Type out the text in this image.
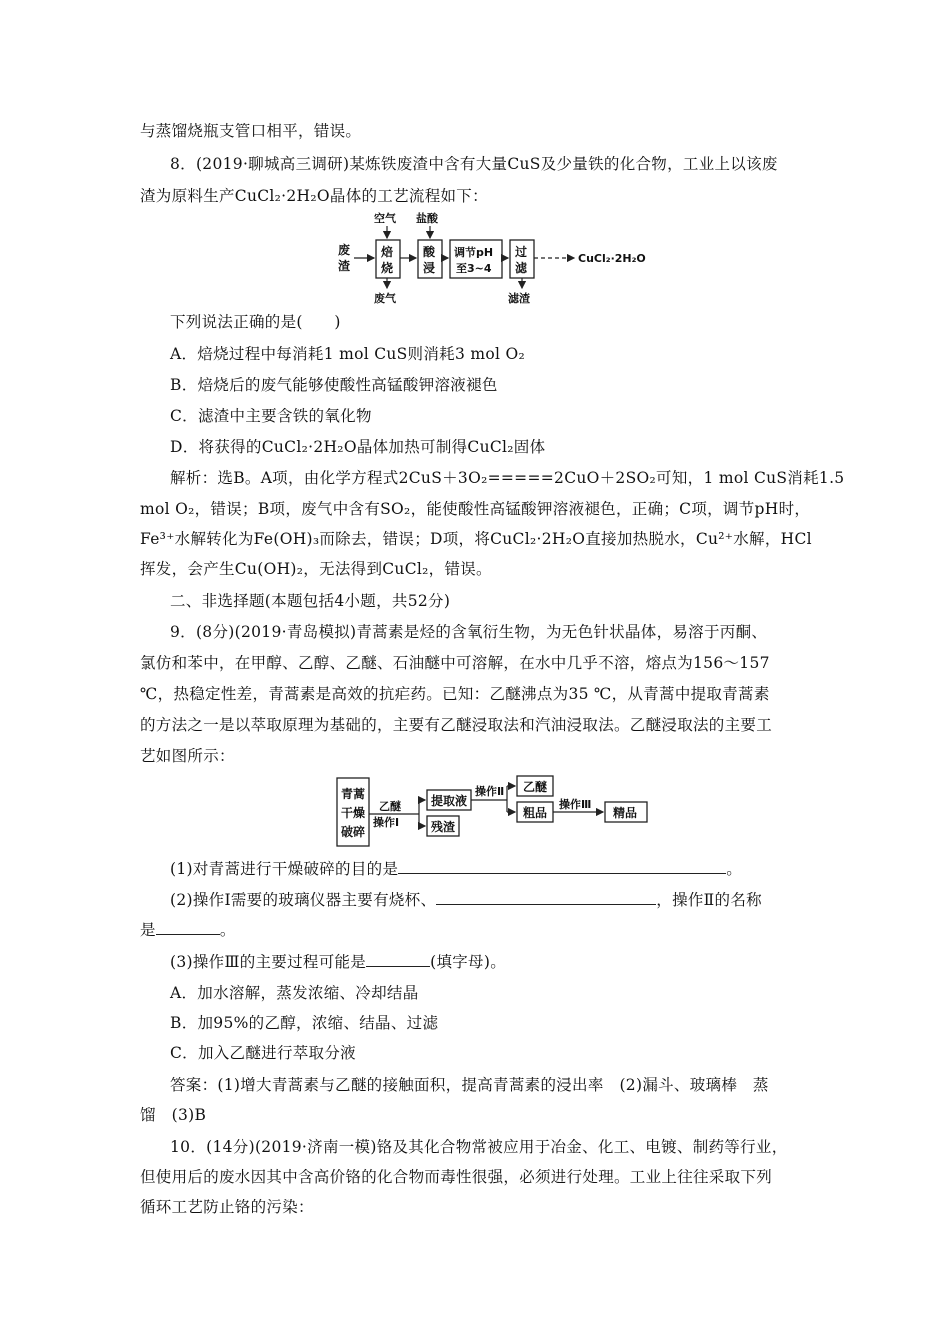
与蒸馏烧瓶支管口相平，错误。
8．(2019·聊城高三调研)某炼铁废渣中含有大量CuS及少量铁的化合物，工业上以该废
渣为原料生产CuCl₂·2H₂O晶体的工艺流程如下：
废
渣
空气
焙
烧
废气
盐酸
酸
浸
调节pH
至3~4
过
滤
滤渣
CuCl₂·2H₂O
下列说法正确的是(　　)
A．焙烧过程中每消耗1 mol CuS则消耗3 mol O₂
B．焙烧后的废气能够使酸性高锰酸钾溶液褪色
C．滤渣中主要含铁的氧化物
D．将获得的CuCl₂·2H₂O晶体加热可制得CuCl₂固体
解析：选B。A项，由化学方程式2CuS＋3O₂=====2CuO＋2SO₂可知，1 mol CuS消耗1.5
mol O₂，错误；B项，废气中含有SO₂，能使酸性高锰酸钾溶液褪色，正确；C项，调节pH时，
Fe³⁺水解转化为Fe(OH)₃而除去，错误；D项，将CuCl₂·2H₂O直接加热脱水，Cu²⁺水解，HCl
挥发，会产生Cu(OH)₂，无法得到CuCl₂，错误。
二、非选择题(本题包括4小题，共52分)
9．(8分)(2019·青岛模拟)青蒿素是烃的含氧衍生物，为无色针状晶体，易溶于丙酮、
氯仿和苯中，在甲醇、乙醇、乙醚、石油醚中可溶解，在水中几乎不溶，熔点为156～157
℃，热稳定性差，青蒿素是高效的抗疟药。已知：乙醚沸点为35 ℃，从青蒿中提取青蒿素
的方法之一是以萃取原理为基础的，主要有乙醚浸取法和汽油浸取法。乙醚浸取法的主要工
艺如图所示：
青蒿
干燥
破碎
乙醚
操作Ⅰ
提取液
残渣
操作Ⅱ 乙醚
粗品
操作Ⅲ
精品
(1)对青蒿进行干燥破碎的目的是	。
(2)操作Ⅰ需要的玻璃仪器主要有烧杯、	，操作Ⅱ的名称
是	。
(3)操作Ⅲ的主要过程可能是	(填字母)。
A．加水溶解，蒸发浓缩、冷却结晶
B．加95%的乙醇，浓缩、结晶、过滤
C．加入乙醚进行萃取分液
答案：(1)增大青蒿素与乙醚的接触面积，提高青蒿素的浸出率　(2)漏斗、玻璃棒　蒸
馏　(3)B
10．(14分)(2019·济南一模)铬及其化合物常被应用于冶金、化工、电镀、制药等行业，
但使用后的废水因其中含高价铬的化合物而毒性很强，必须进行处理。工业上往往采取下列
循环工艺防止铬的污染：
